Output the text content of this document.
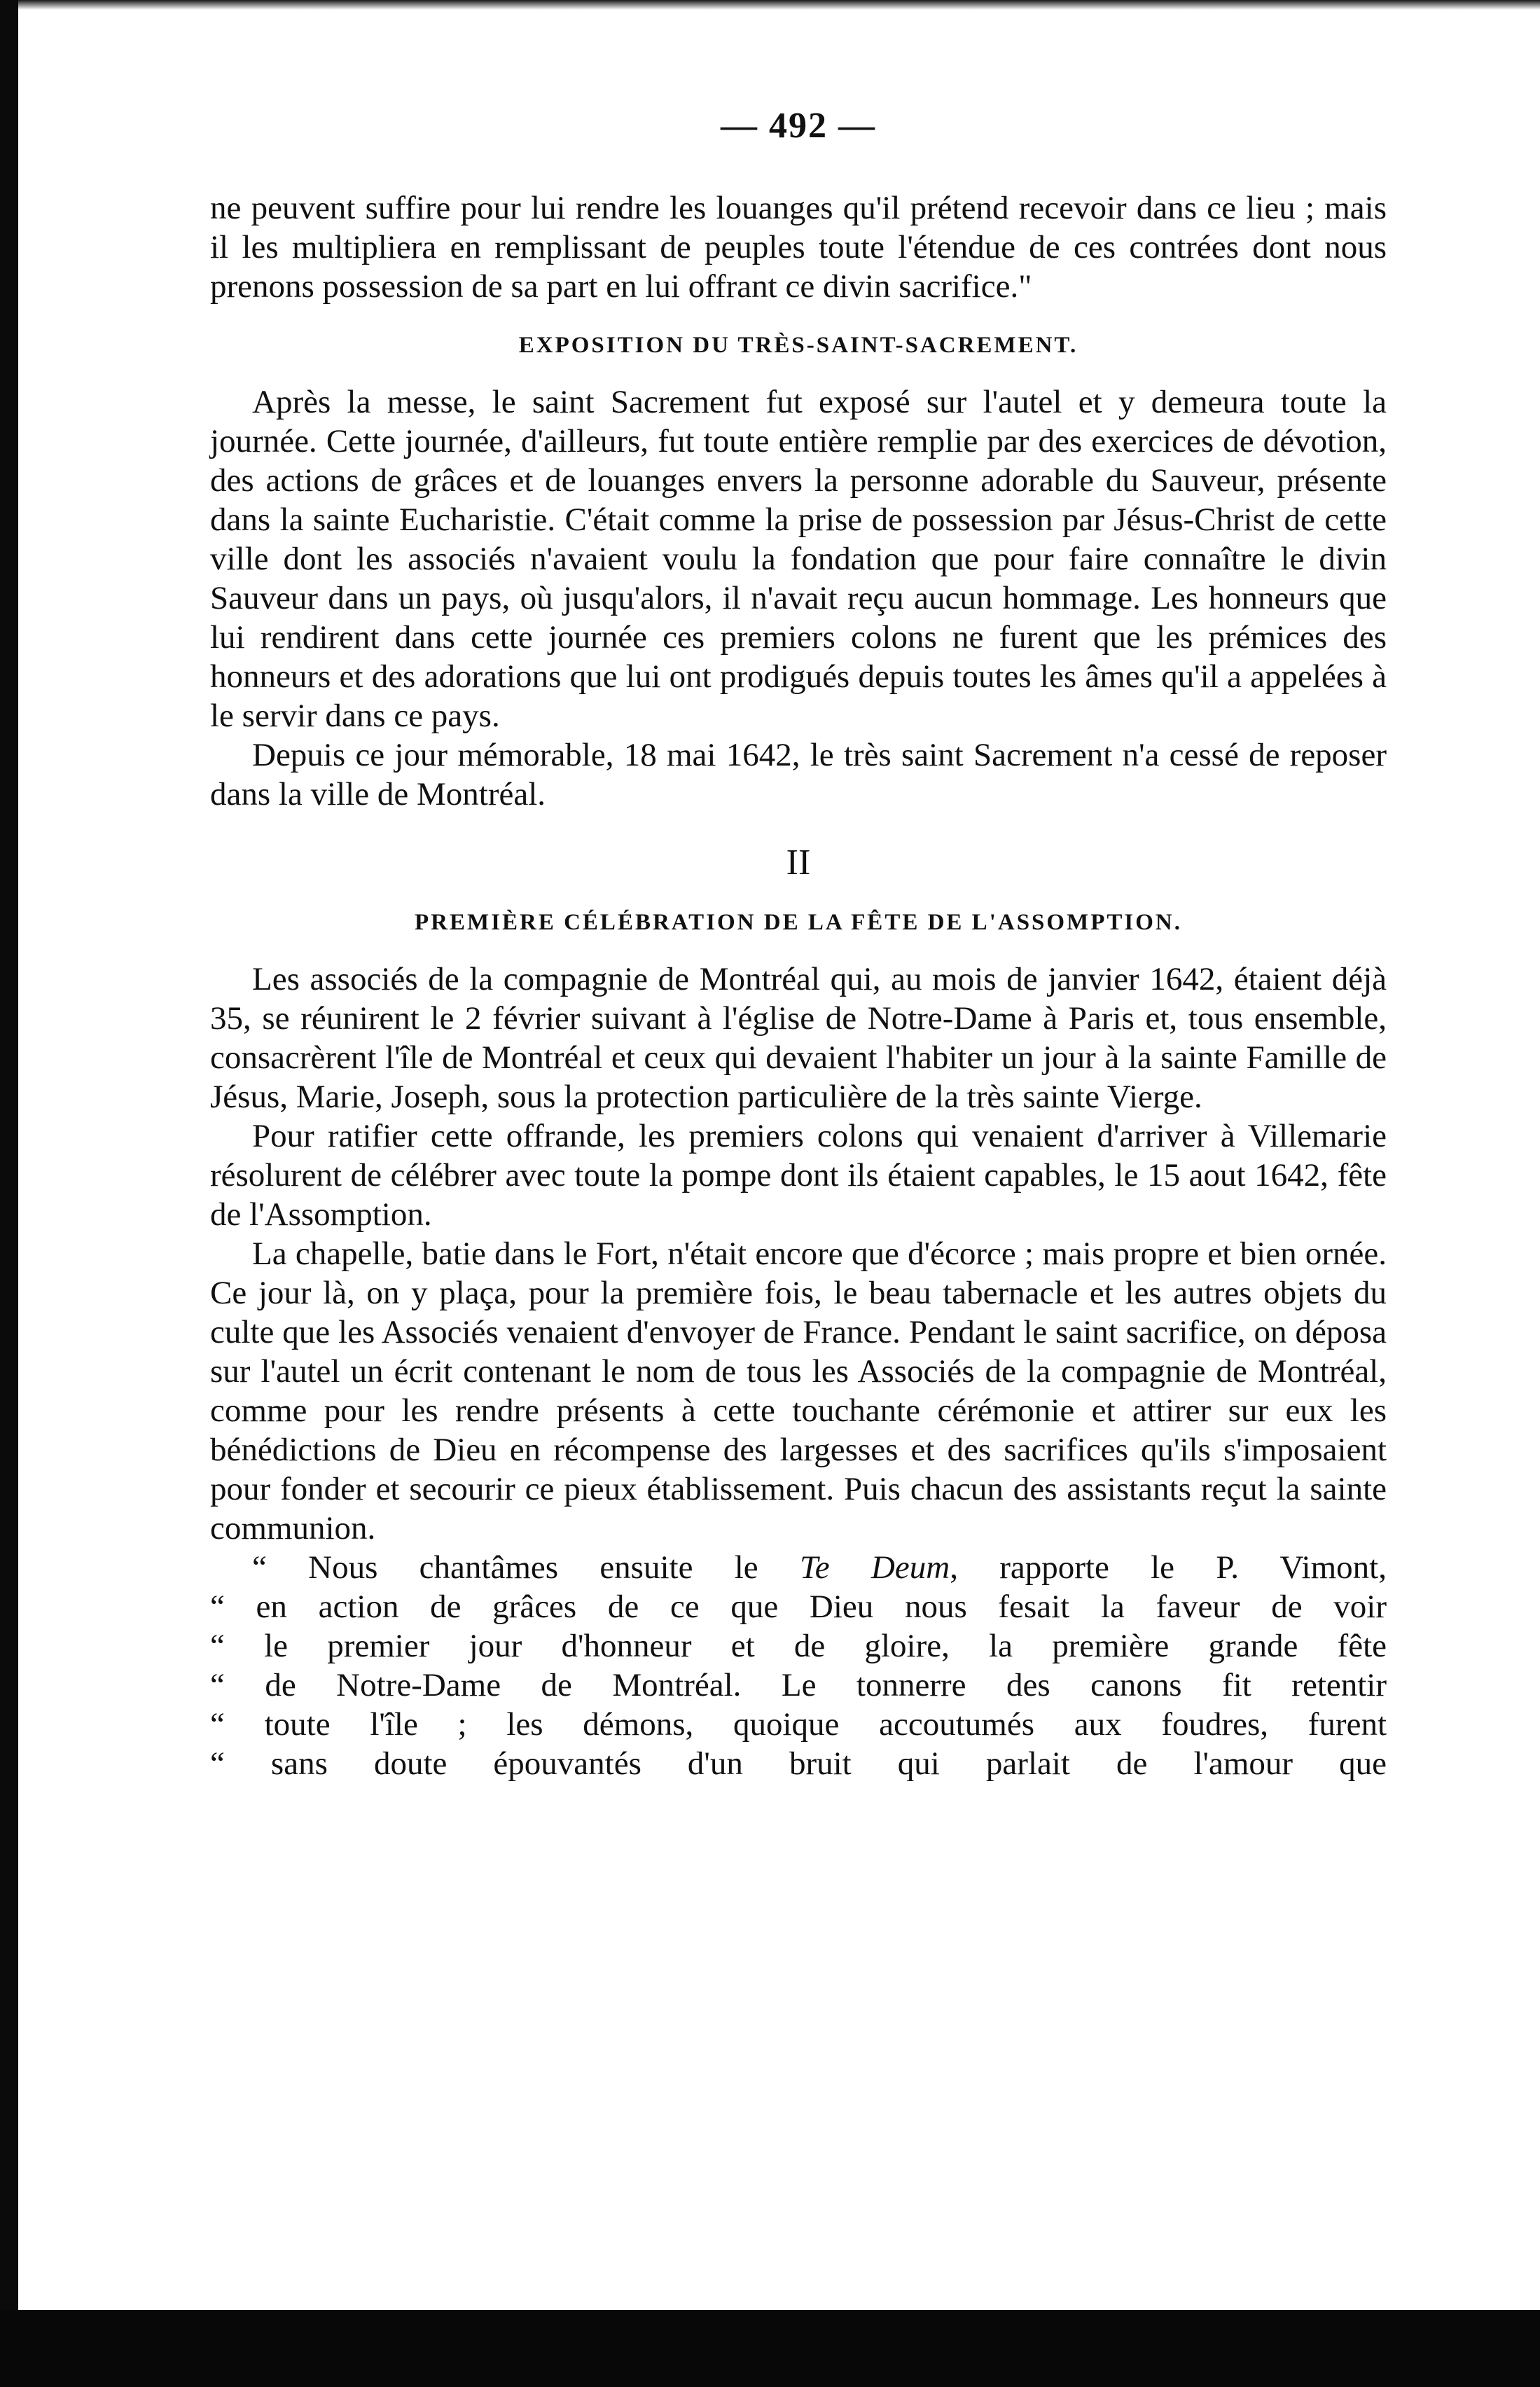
— 492 —

ne peuvent suffire pour lui rendre les louanges qu'il prétend recevoir dans ce lieu ; mais il les multipliera en remplissant de peuples toute l'étendue de ces contrées dont nous prenons possession de sa part en lui offrant ce divin sacrifice."

EXPOSITION DU TRÈS-SAINT-SACREMENT.

Après la messe, le saint Sacrement fut exposé sur l'autel et y demeura toute la journée. Cette journée, d'ailleurs, fut toute entière remplie par des exercices de dévotion, des actions de grâces et de louanges envers la personne adorable du Sauveur, présente dans la sainte Eucharistie. C'était comme la prise de possession par Jésus-Christ de cette ville dont les associés n'avaient voulu la fondation que pour faire connaître le divin Sauveur dans un pays, où jusqu'alors, il n'avait reçu aucun hommage. Les honneurs que lui rendirent dans cette journée ces premiers colons ne furent que les prémices des honneurs et des adorations que lui ont prodigués depuis toutes les âmes qu'il a appelées à le servir dans ce pays.

Depuis ce jour mémorable, 18 mai 1642, le très saint Sacrement n'a cessé de reposer dans la ville de Montréal.

II

PREMIÈRE CÉLÉBRATION DE LA FÊTE DE L'ASSOMPTION.

Les associés de la compagnie de Montréal qui, au mois de janvier 1642, étaient déjà 35, se réunirent le 2 février suivant à l'église de Notre-Dame à Paris et, tous ensemble, consacrèrent l'île de Montréal et ceux qui devaient l'habiter un jour à la sainte Famille de Jésus, Marie, Joseph, sous la protection particulière de la très sainte Vierge.

Pour ratifier cette offrande, les premiers colons qui venaient d'arriver à Villemarie résolurent de célébrer avec toute la pompe dont ils étaient capables, le 15 aout 1642, fête de l'Assomption.

La chapelle, batie dans le Fort, n'était encore que d'écorce ; mais propre et bien ornée. Ce jour là, on y plaça, pour la première fois, le beau tabernacle et les autres objets du culte que les Associés venaient d'envoyer de France. Pendant le saint sacrifice, on déposa sur l'autel un écrit contenant le nom de tous les Associés de la compagnie de Montréal, comme pour les rendre présents à cette touchante cérémonie et attirer sur eux les bénédictions de Dieu en récompense des largesses et des sacrifices qu'ils s'imposaient pour fonder et secourir ce pieux établissement. Puis chacun des assistants reçut la sainte communion.

“ Nous chantâmes ensuite le Te Deum, rapporte le P. Vimont,

“ en action de grâces de ce que Dieu nous fesait la faveur de voir

“ le premier jour d'honneur et de gloire, la première grande fête

“ de Notre-Dame de Montréal. Le tonnerre des canons fit retentir

“ toute l'île ; les démons, quoique accoutumés aux foudres, furent

“ sans doute épouvantés d'un bruit qui parlait de l'amour que
